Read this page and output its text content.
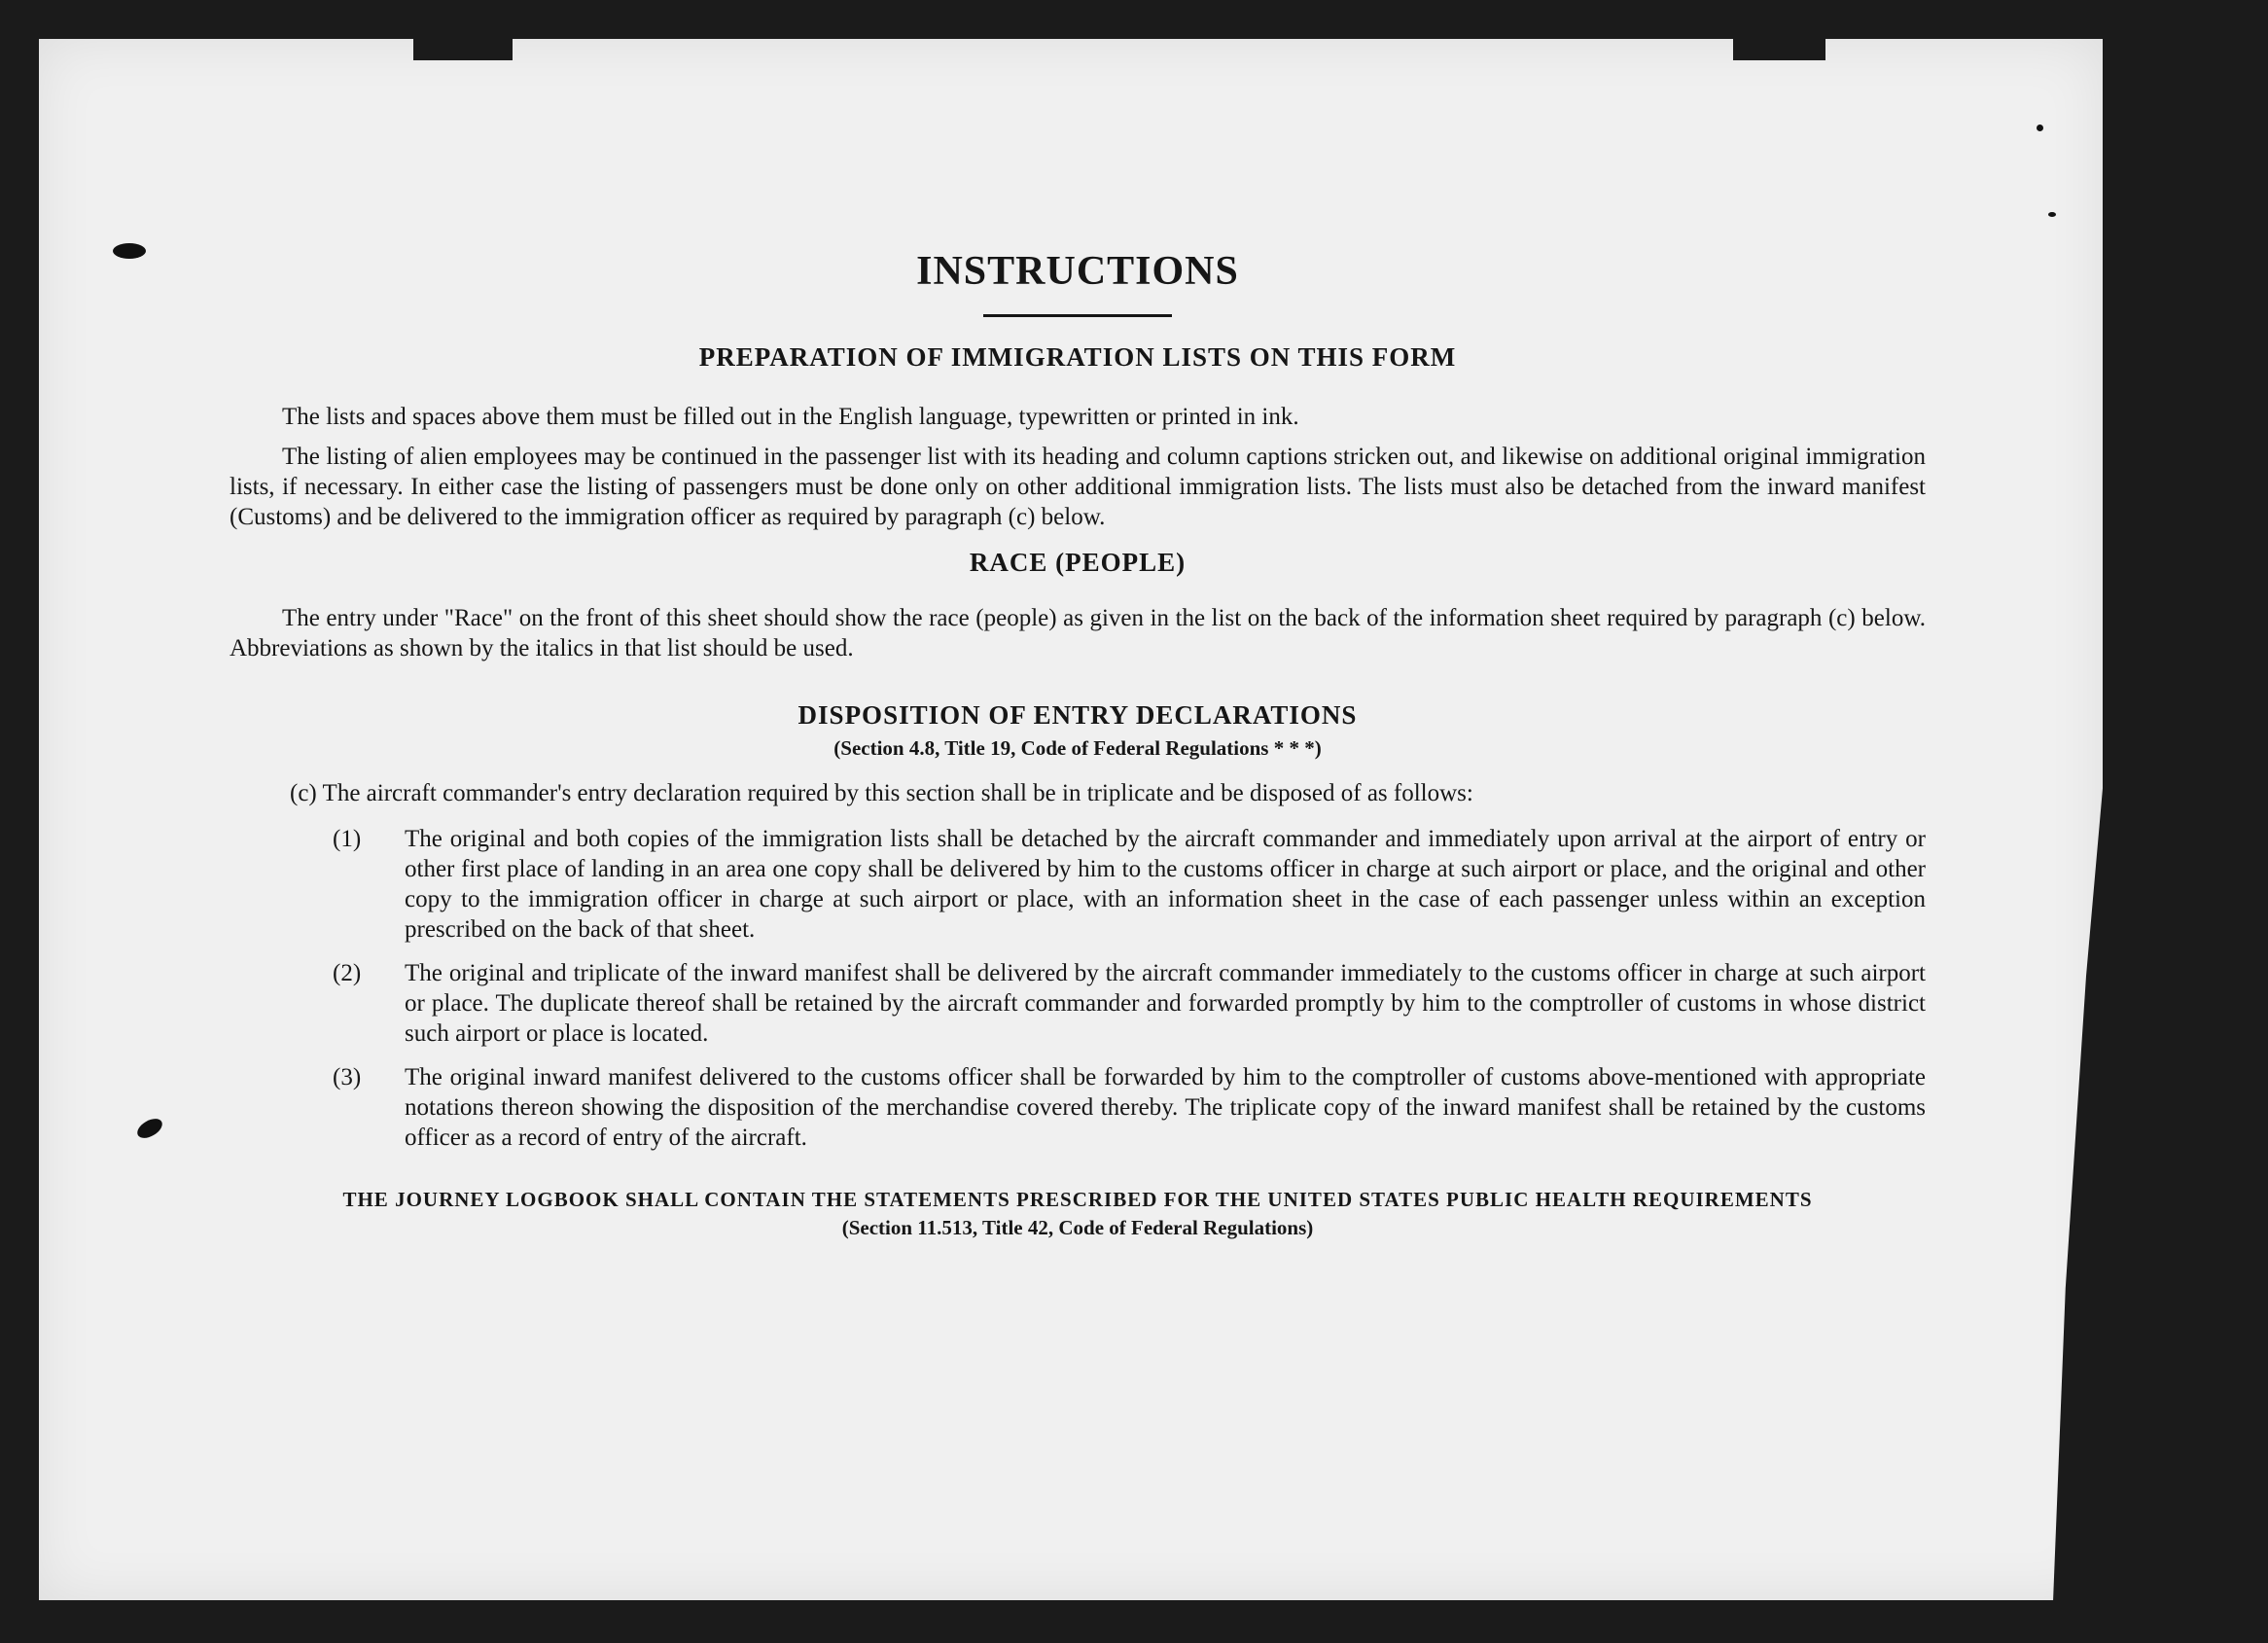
INSTRUCTIONS
PREPARATION OF IMMIGRATION LISTS ON THIS FORM

The lists and spaces above them must be filled out in the English language, typewritten or printed in ink.

The listing of alien employees may be continued in the passenger list with its heading and column captions stricken out, and likewise on additional original immigration lists, if necessary. In either case the listing of passengers must be done only on other additional immigration lists. The lists must also be detached from the inward manifest (Customs) and be delivered to the immigration officer as required by paragraph (c) below.

RACE (PEOPLE)

The entry under "Race" on the front of this sheet should show the race (people) as given in the list on the back of the information sheet required by paragraph (c) below. Abbreviations as shown by the italics in that list should be used.

DISPOSITION OF ENTRY DECLARATIONS
(Section 4.8, Title 19, Code of Federal Regulations * * *)

(c) The aircraft commander's entry declaration required by this section shall be in triplicate and be disposed of as follows:

(1) The original and both copies of the immigration lists shall be detached by the aircraft commander and immediately upon arrival at the airport of entry or other first place of landing in an area one copy shall be delivered by him to the customs officer in charge at such airport or place, and the original and other copy to the immigration officer in charge at such airport or place, with an information sheet in the case of each passenger unless within an exception prescribed on the back of that sheet.
(2) The original and triplicate of the inward manifest shall be delivered by the aircraft commander immediately to the customs officer in charge at such airport or place. The duplicate thereof shall be retained by the aircraft commander and forwarded promptly by him to the comptroller of customs in whose district such airport or place is located.
(3) The original inward manifest delivered to the customs officer shall be forwarded by him to the comptroller of customs above-mentioned with appropriate notations thereon showing the disposition of the merchandise covered thereby. The triplicate copy of the inward manifest shall be retained by the customs officer as a record of entry of the aircraft.
THE JOURNEY LOGBOOK SHALL CONTAIN THE STATEMENTS PRESCRIBED FOR THE UNITED STATES PUBLIC HEALTH REQUIREMENTS
(Section 11.513, Title 42, Code of Federal Regulations)
